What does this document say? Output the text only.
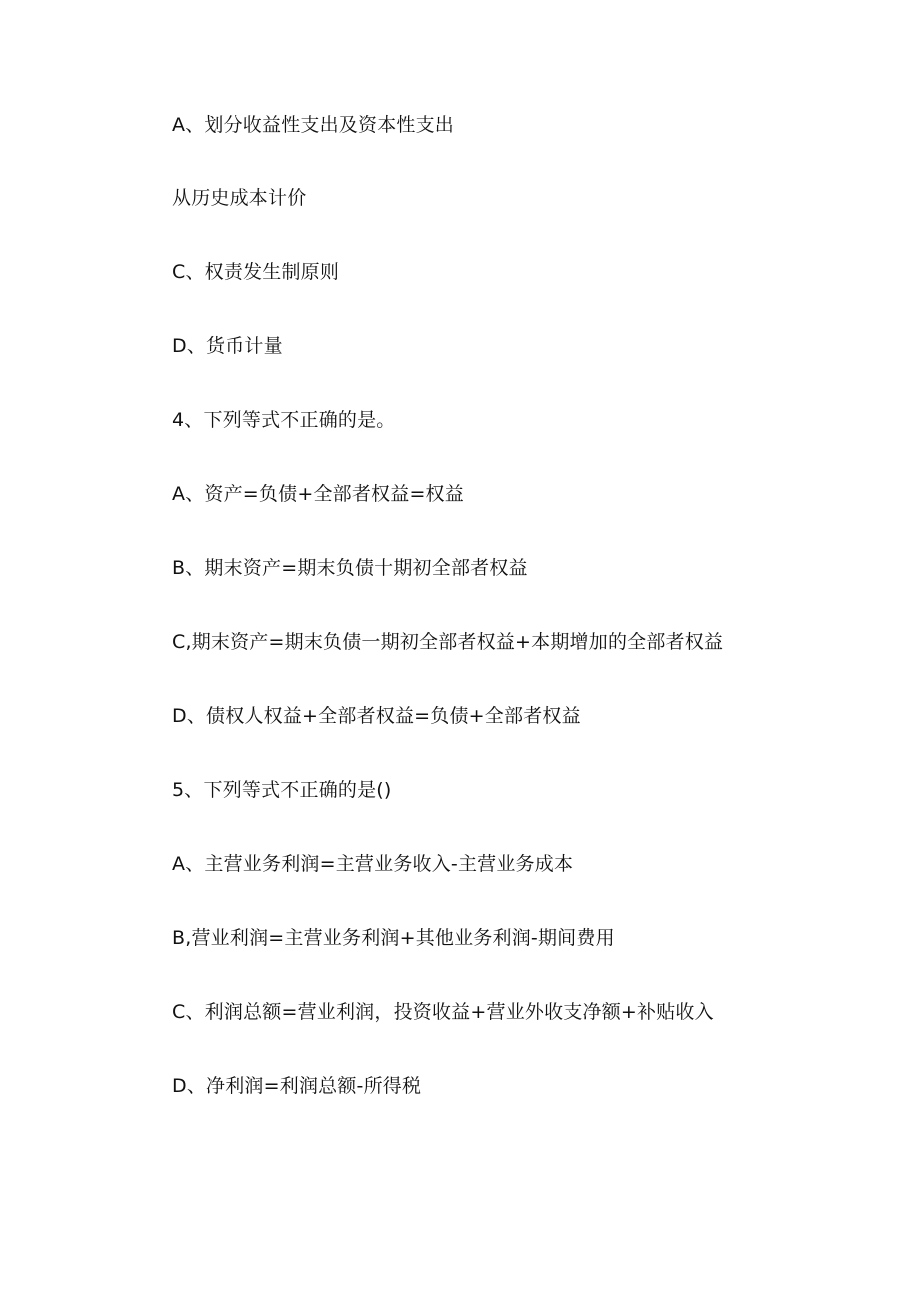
A、划分收益性支出及资本性支出
从历史成本计价
C、权责发生制原则
D、货币计量
4、下列等式不正确的是。
A、资产=负债+全部者权益=权益
B、期末资产=期末负债十期初全部者权益
C,期末资产=期末负债一期初全部者权益+本期增加的全部者权益
D、债权人权益+全部者权益=负债+全部者权益
5、下列等式不正确的是()
A、主营业务利润=主营业务收入-主营业务成本
B,营业利润=主营业务利润+其他业务利润-期间费用
C、利润总额=营业利润，投资收益+营业外收支净额+补贴收入
D、净利润=利润总额-所得税
